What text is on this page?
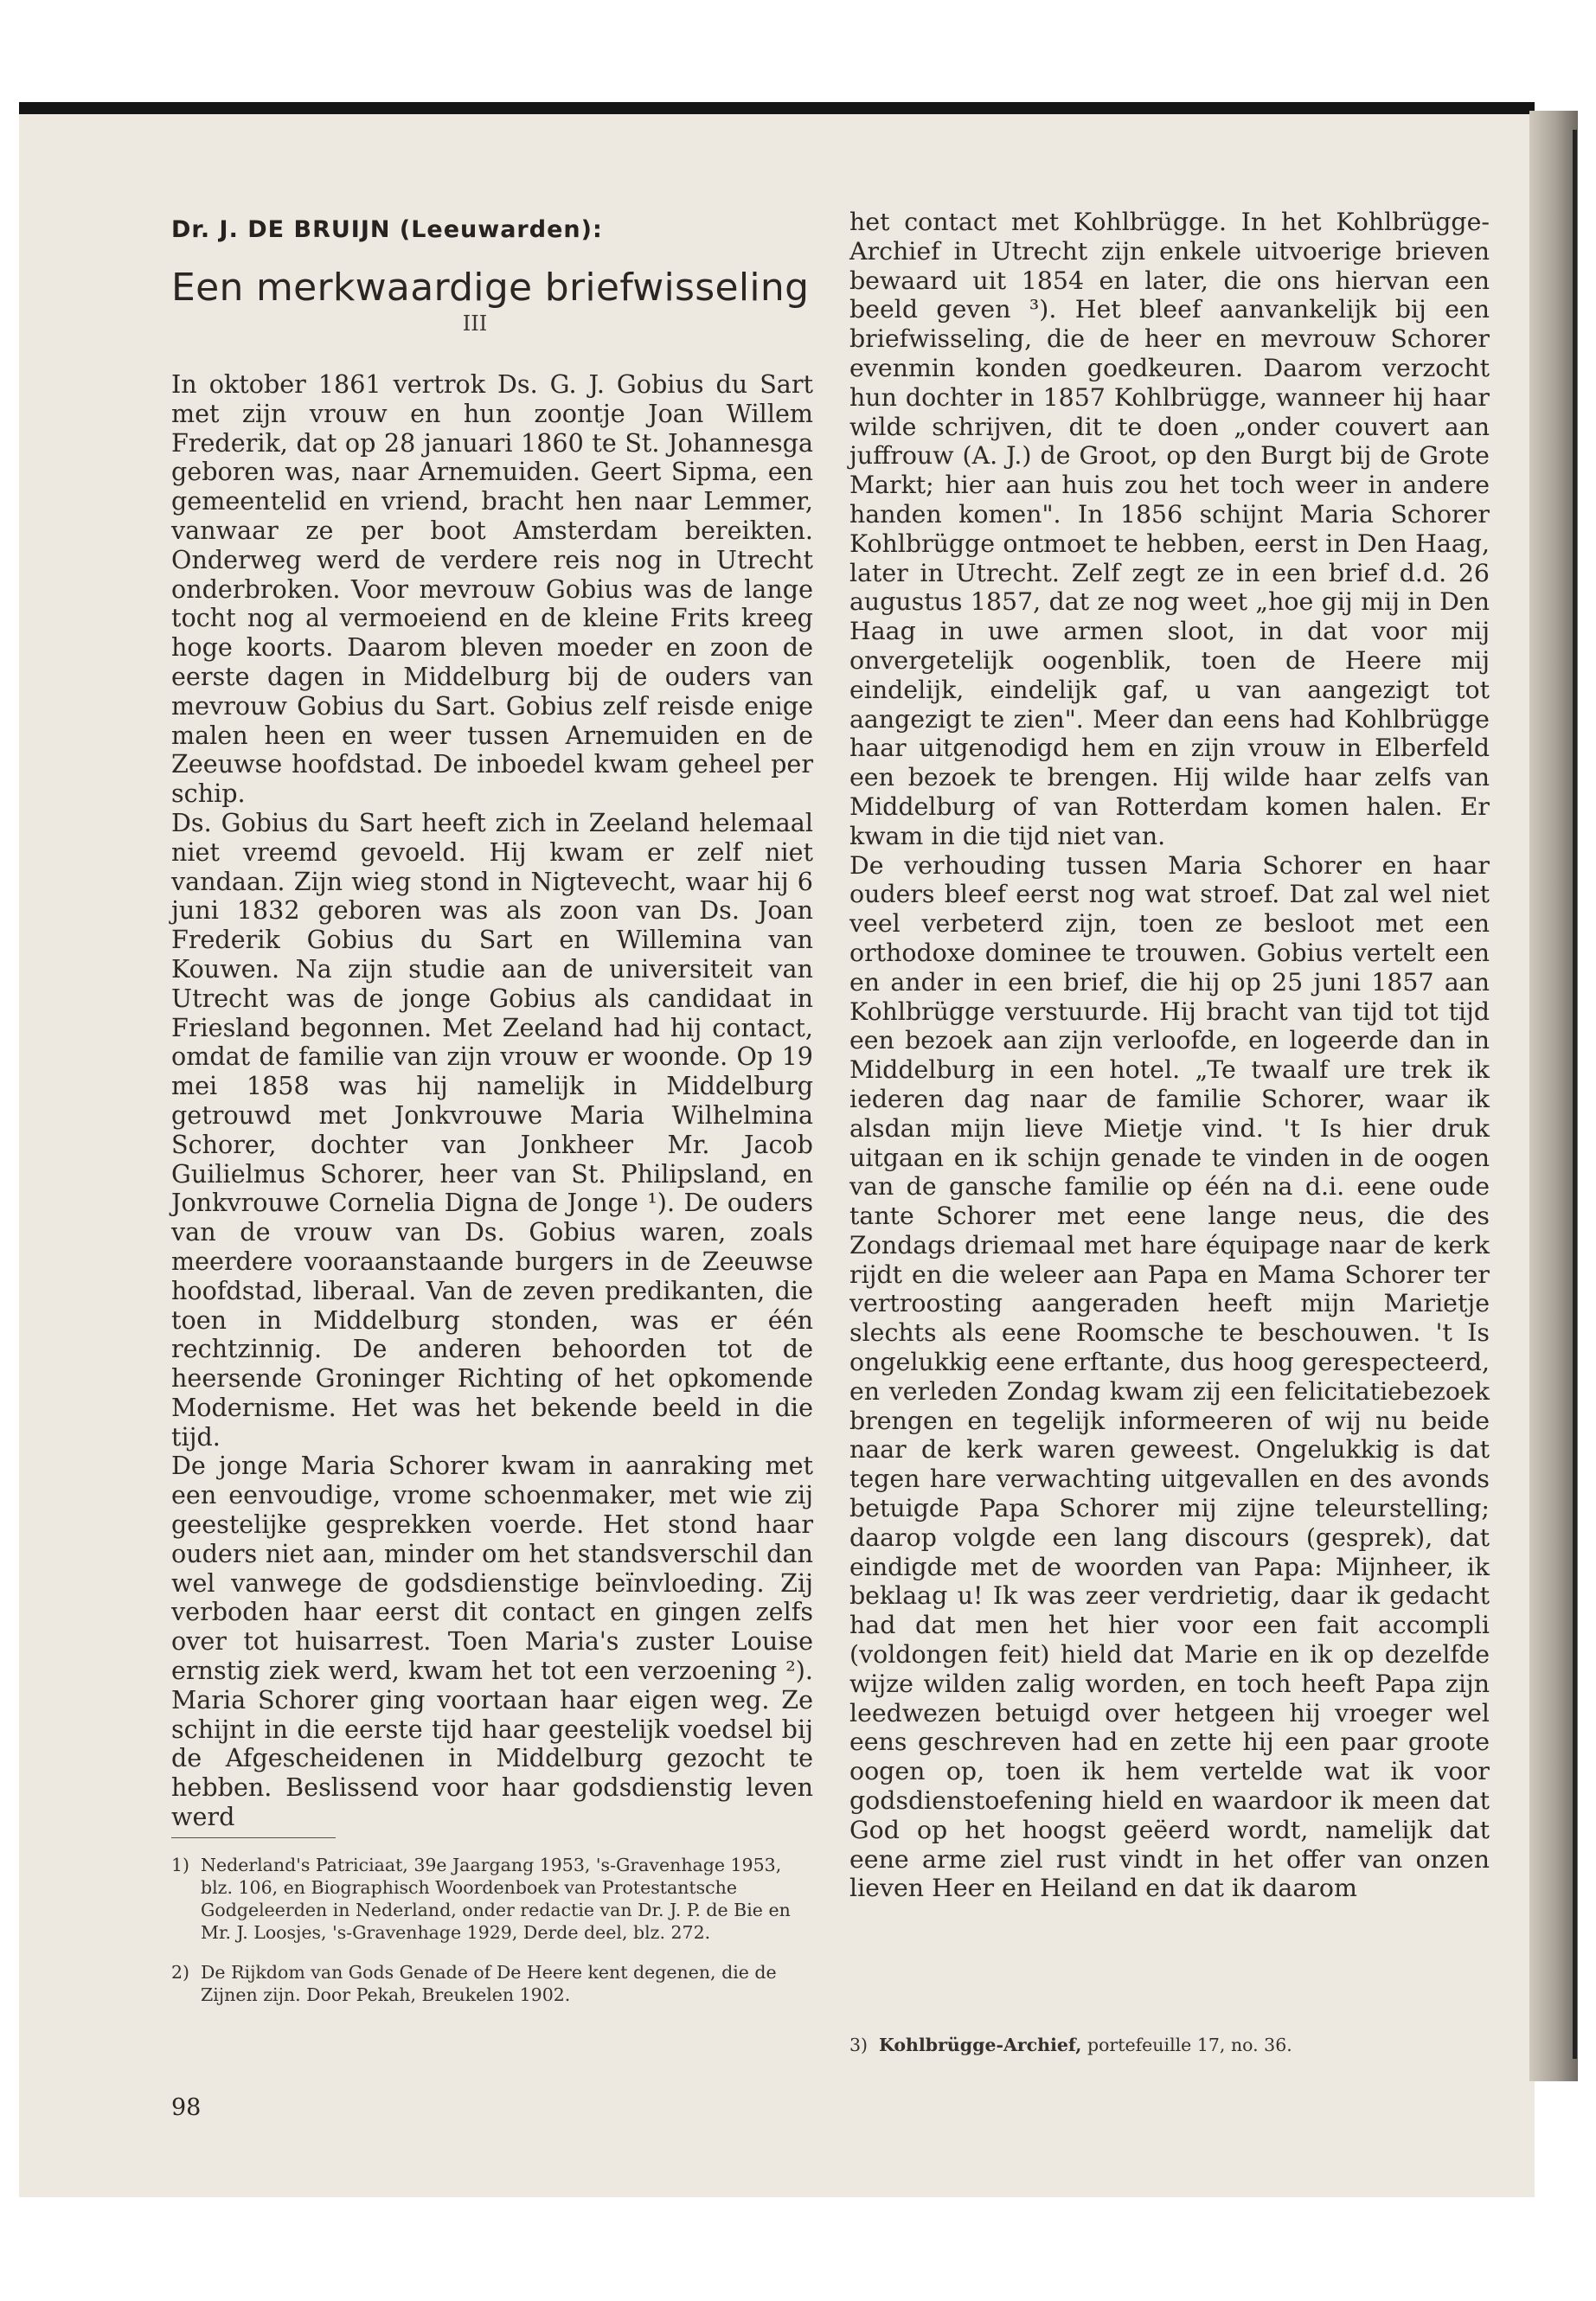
Dr. J. DE BRUIJN (Leeuwarden):
Een merkwaardige briefwisseling
III

In oktober 1861 vertrok Ds. G. J. Gobius du Sart met zijn vrouw en hun zoontje Joan Willem Frederik, dat op 28 januari 1860 te St. Johannesga geboren was, naar Arnemuiden. Geert Sipma, een gemeentelid en vriend, bracht hen naar Lemmer, vanwaar ze per boot Amsterdam bereikten. Onderweg werd de verdere reis nog in Utrecht onderbroken. Voor mevrouw Gobius was de lange tocht nog al vermoeiend en de kleine Frits kreeg hoge koorts. Daarom bleven moeder en zoon de eerste dagen in Middelburg bij de ouders van mevrouw Gobius du Sart. Gobius zelf reisde enige malen heen en weer tussen Arnemuiden en de Zeeuwse hoofdstad. De inboedel kwam geheel per schip.

Ds. Gobius du Sart heeft zich in Zeeland helemaal niet vreemd gevoeld. Hij kwam er zelf niet vandaan. Zijn wieg stond in Nigtevecht, waar hij 6 juni 1832 geboren was als zoon van Ds. Joan Frederik Gobius du Sart en Willemina van Kouwen. Na zijn studie aan de universiteit van Utrecht was de jonge Gobius als candidaat in Friesland begonnen. Met Zeeland had hij contact, omdat de familie van zijn vrouw er woonde. Op 19 mei 1858 was hij namelijk in Middelburg getrouwd met Jonkvrouwe Maria Wilhelmina Schorer, dochter van Jonkheer Mr. Jacob Guilielmus Schorer, heer van St. Philipsland, en Jonkvrouwe Cornelia Digna de Jonge ¹). De ouders van de vrouw van Ds. Gobius waren, zoals meerdere vooraanstaande burgers in de Zeeuwse hoofdstad, liberaal. Van de zeven predikanten, die toen in Middelburg stonden, was er één rechtzinnig. De anderen behoorden tot de heersende Groninger Richting of het opkomende Modernisme. Het was het bekende beeld in die tijd.

De jonge Maria Schorer kwam in aanraking met een eenvoudige, vrome schoenmaker, met wie zij geestelijke gesprekken voerde. Het stond haar ouders niet aan, minder om het standsverschil dan wel vanwege de godsdienstige beïnvloeding. Zij verboden haar eerst dit contact en gingen zelfs over tot huisarrest. Toen Maria's zuster Louise ernstig ziek werd, kwam het tot een verzoening ²). Maria Schorer ging voortaan haar eigen weg. Ze schijnt in die eerste tijd haar geestelijk voedsel bij de Afgescheidenen in Middelburg gezocht te hebben. Beslissend voor haar godsdienstig leven werd

1) Nederland's Patriciaat, 39e Jaargang 1953, 's-Gravenhage 1953, blz. 106, en Biographisch Woordenboek van Protestantsche Godgeleerden in Nederland, onder redactie van Dr. J. P. de Bie en Mr. J. Loosjes, 's-Gravenhage 1929, Derde deel, blz. 272.
2) De Rijkdom van Gods Genade of De Heere kent degenen, die de Zijnen zijn. Door Pekah, Breukelen 1902.
98

het contact met Kohlbrügge. In het Kohlbrügge-Archief in Utrecht zijn enkele uitvoerige brieven bewaard uit 1854 en later, die ons hiervan een beeld geven ³). Het bleef aanvankelijk bij een briefwisseling, die de heer en mevrouw Schorer evenmin konden goedkeuren. Daarom verzocht hun dochter in 1857 Kohlbrügge, wanneer hij haar wilde schrijven, dit te doen „onder couvert aan juffrouw (A. J.) de Groot, op den Burgt bij de Grote Markt; hier aan huis zou het toch weer in andere handen komen". In 1856 schijnt Maria Schorer Kohlbrügge ontmoet te hebben, eerst in Den Haag, later in Utrecht. Zelf zegt ze in een brief d.d. 26 augustus 1857, dat ze nog weet „hoe gij mij in Den Haag in uwe armen sloot, in dat voor mij onvergetelijk oogenblik, toen de Heere mij eindelijk, eindelijk gaf, u van aangezigt tot aangezigt te zien". Meer dan eens had Kohlbrügge haar uitgenodigd hem en zijn vrouw in Elberfeld een bezoek te brengen. Hij wilde haar zelfs van Middelburg of van Rotterdam komen halen. Er kwam in die tijd niet van.

De verhouding tussen Maria Schorer en haar ouders bleef eerst nog wat stroef. Dat zal wel niet veel verbeterd zijn, toen ze besloot met een orthodoxe dominee te trouwen. Gobius vertelt een en ander in een brief, die hij op 25 juni 1857 aan Kohlbrügge verstuurde. Hij bracht van tijd tot tijd een bezoek aan zijn verloofde, en logeerde dan in Middelburg in een hotel. „Te twaalf ure trek ik iederen dag naar de familie Schorer, waar ik alsdan mijn lieve Mietje vind. 't Is hier druk uitgaan en ik schijn genade te vinden in de oogen van de gansche familie op één na d.i. eene oude tante Schorer met eene lange neus, die des Zondags driemaal met hare équipage naar de kerk rijdt en die weleer aan Papa en Mama Schorer ter vertroosting aangeraden heeft mijn Marietje slechts als eene Roomsche te beschouwen. 't Is ongelukkig eene erftante, dus hoog gerespecteerd, en verleden Zondag kwam zij een felicitatiebezoek brengen en tegelijk informeeren of wij nu beide naar de kerk waren geweest. Ongelukkig is dat tegen hare verwachting uitgevallen en des avonds betuigde Papa Schorer mij zijne teleurstelling; daarop volgde een lang discours (gesprek), dat eindigde met de woorden van Papa: Mijnheer, ik beklaag u! Ik was zeer verdrietig, daar ik gedacht had dat men het hier voor een fait accompli (voldongen feit) hield dat Marie en ik op dezelfde wijze wilden zalig worden, en toch heeft Papa zijn leedwezen betuigd over hetgeen hij vroeger wel eens geschreven had en zette hij een paar groote oogen op, toen ik hem vertelde wat ik voor godsdienstoefening hield en waardoor ik meen dat God op het hoogst geëerd wordt, namelijk dat eene arme ziel rust vindt in het offer van onzen lieven Heer en Heiland en dat ik daarom

3) Kohlbrügge-Archief, portefeuille 17, no. 36.
